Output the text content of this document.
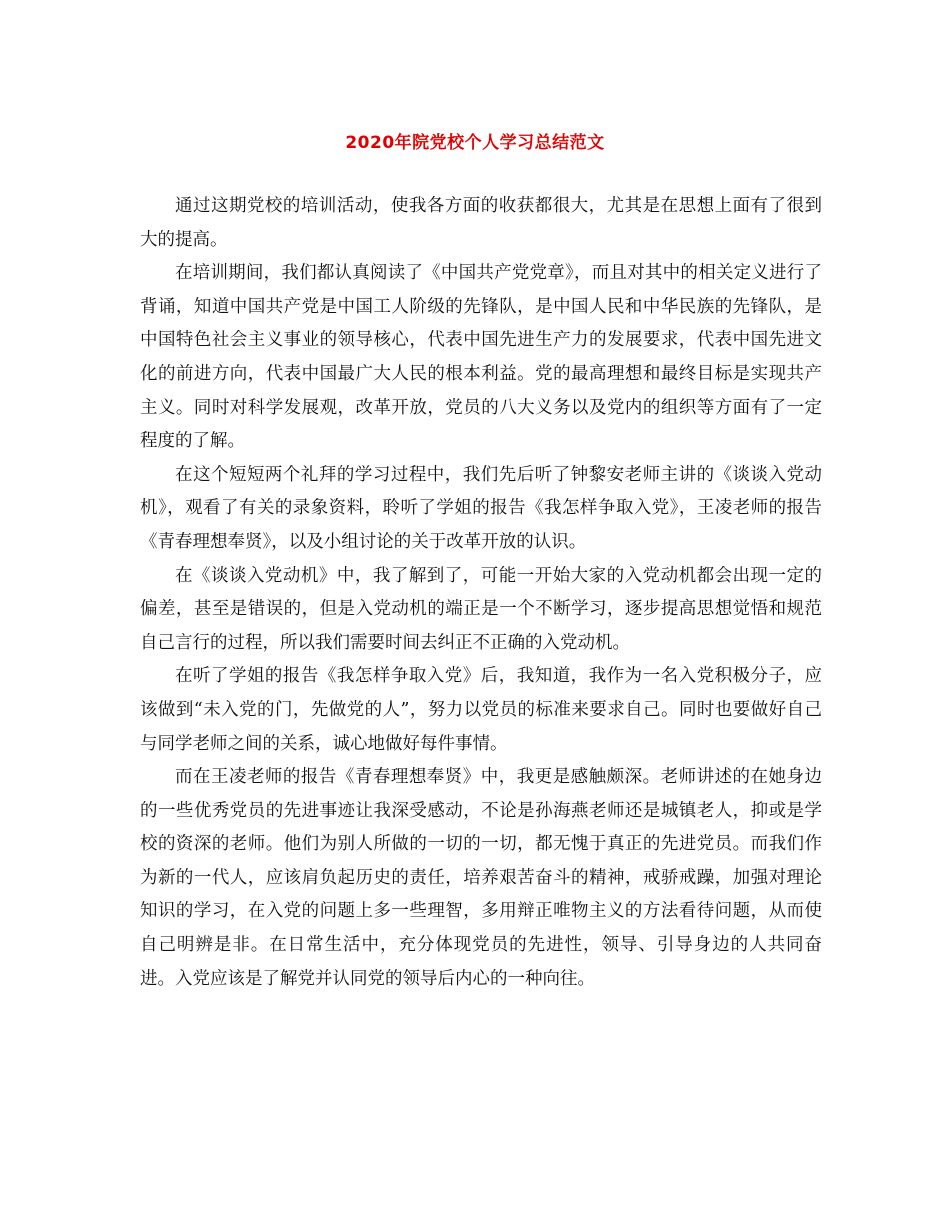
2020年院党校个人学习总结范文

通过这期党校的培训活动，使我各方面的收获都很大，尤其是在思想上面有了很到大的提高。

在培训期间，我们都认真阅读了《中国共产党党章》，而且对其中的相关定义进行了背诵，知道中国共产党是中国工人阶级的先锋队，是中国人民和中华民族的先锋队，是中国特色社会主义事业的领导核心，代表中国先进生产力的发展要求，代表中国先进文化的前进方向，代表中国最广大人民的根本利益。党的最高理想和最终目标是实现共产主义。同时对科学发展观，改革开放，党员的八大义务以及党内的组织等方面有了一定程度的了解。

在这个短短两个礼拜的学习过程中，我们先后听了钟黎安老师主讲的《谈谈入党动机》，观看了有关的录象资料，聆听了学姐的报告《我怎样争取入党》，王凌老师的报告《青春理想奉贤》，以及小组讨论的关于改革开放的认识。

在《谈谈入党动机》中，我了解到了，可能一开始大家的入党动机都会出现一定的偏差，甚至是错误的，但是入党动机的端正是一个不断学习，逐步提高思想觉悟和规范自己言行的过程，所以我们需要时间去纠正不正确的入党动机。

在听了学姐的报告《我怎样争取入党》后，我知道，我作为一名入党积极分子，应该做到“未入党的门，先做党的人”，努力以党员的标准来要求自己。同时也要做好自己与同学老师之间的关系，诚心地做好每件事情。

而在王凌老师的报告《青春理想奉贤》中，我更是感触颇深。老师讲述的在她身边的一些优秀党员的先进事迹让我深受感动，不论是孙海燕老师还是城镇老人，抑或是学校的资深的老师。他们为别人所做的一切的一切，都无愧于真正的先进党员。而我们作为新的一代人，应该肩负起历史的责任，培养艰苦奋斗的精神，戒骄戒躁，加强对理论知识的学习，在入党的问题上多一些理智，多用辩正唯物主义的方法看待问题，从而使自己明辨是非。在日常生活中，充分体现党员的先进性，领导、引导身边的人共同奋进。入党应该是了解党并认同党的领导后内心的一种向往。
